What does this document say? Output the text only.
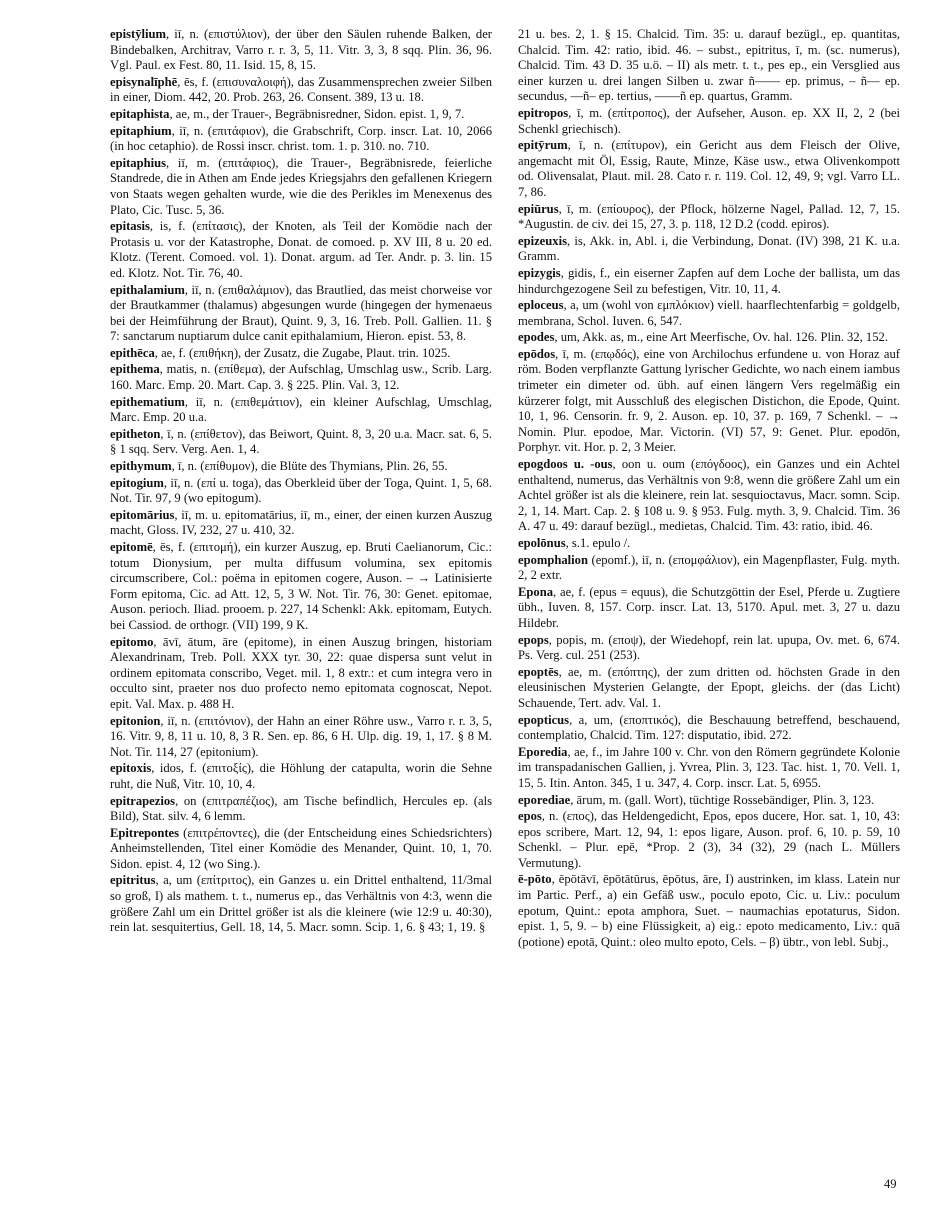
epistȳlium, iī, n. (επιστύλιον), der über den Säulen ruhende Balken, der Bindebalken, Architrav, Varro r. r. 3, 5, 11. Vitr. 3, 3, 8 sqq. Plin. 36, 96. Vgl. Paul. ex Fest. 80, 11. Isid. 15, 8, 15.

episynalīphē, ēs, f. (επισυναλοιφή), das Zusammensprechen zweier Silben in einer, Diom. 442, 20. Prob. 263, 26. Consent. 389, 13 u. 18.

epitaphista, ae, m., der Trauer-, Begräbnisredner, Sidon. epist. 1, 9, 7.

epitaphium, iī, n. (επιτάφιον), die Grabschrift, Corp. inscr. Lat. 10, 2066 (in hoc cetaphio). de Rossi inscr. christ. tom. 1. p. 310. no. 710.

epitaphius, iī, m. (επιτάφιος), die Trauer-, Begräbnisrede, feierliche Standrede, die in Athen am Ende jedes Kriegsjahrs den gefallenen Kriegern von Staats wegen gehalten wurde, wie die des Perikles im Menexenus des Plato, Cic. Tusc. 5, 36.

epitasis, is, f. (επίτασις), der Knoten, als Teil der Komödie nach der Protasis u. vor der Katastrophe, Donat. de comoed. p. XV III, 8 u. 20 ed. Klotz. (Terent. Comoed. vol. 1). Donat. argum. ad Ter. Andr. p. 3. lin. 15 ed. Klotz. Not. Tir. 76, 40.

epithalamium, iī, n. (επιθαλάμιον), das Brautlied, das meist chorweise vor der Brautkammer (thalamus) abgesungen wurde (hingegen der hymenaeus bei der Heimführung der Braut), Quint. 9, 3, 16. Treb. Poll. Gallien. 11. § 7: sanctarum nuptiarum dulce canit epithalamium, Hieron. epist. 53, 8.

epithēca, ae, f. (επιθήκη), der Zusatz, die Zugabe, Plaut. trin. 1025.

epithema, matis, n. (επίθεμα), der Aufschlag, Umschlag usw., Scrib. Larg. 160. Marc. Emp. 20. Mart. Cap. 3. § 225. Plin. Val. 3, 12.

epithematium, iī, n. (επιθεμάτιον), ein kleiner Aufschlag, Umschlag, Marc. Emp. 20 u.a.

epitheton, ī, n. (επίθετον), das Beiwort, Quint. 8, 3, 20 u.a. Macr. sat. 6, 5. § 1 sqq. Serv. Verg. Aen. 1, 4.

epithymum, ī, n. (επίθυμον), die Blüte des Thymians, Plin. 26, 55.

epitogium, iī, n. (επί u. toga), das Oberkleid über der Toga, Quint. 1, 5, 68. Not. Tir. 97, 9 (wo epitogum).

epitomārius, iī, m. u. epitomatārius, iī, m., einer, der einen kurzen Auszug macht, Gloss. IV, 232, 27 u. 410, 32.

epitomē, ēs, f. (επιτομή), ein kurzer Auszug, ep. Bruti Caelianorum, Cic.: totum Dionysium, per multa diffusum volumina, sex epitomis circumscribere, Col.: poëma in epitomen cogere, Auson. – → Latinisierte Form epitoma, Cic. ad Att. 12, 5, 3 W. Not. Tir. 76, 30: Genet. epitomae, Auson. perioch. Iliad. prooem. p. 227, 14 Schenkl: Akk. epitomam, Eutych. bei Cassiod. de orthogr. (VII) 199, 9 K.

epitomo, āvī, ātum, āre (epitome), in einen Auszug bringen, historiam Alexandrinam, Treb. Poll. XXX tyr. 30, 22: quae dispersa sunt velut in ordinem epitomata conscribo, Veget. mil. 1, 8 extr.: et cum integra vero in occulto sint, praeter nos duo profecto nemo epitomata cognoscat, Nepot. epit. Val. Max. p. 488 H.

epitonion, iī, n. (επιτόνιον), der Hahn an einer Röhre usw., Varro r. r. 3, 5, 16. Vitr. 9, 8, 11 u. 10, 8, 3 R. Sen. ep. 86, 6 H. Ulp. dig. 19, 1, 17. § 8 M. Not. Tir. 114, 27 (epitonium).

epitoxis, idos, f. (επιτοξίς), die Höhlung der catapulta, worin die Sehne ruht, die Nuß, Vitr. 10, 10, 4.

epitrapezios, on (επιτραπέζιος), am Tische befindlich, Hercules ep. (als Bild), Stat. silv. 4, 6 lemm.

Epitrepontes (επιτρέποντες), die (der Entscheidung eines Schiedsrichters) Anheimstellenden, Titel einer Komödie des Menander, Quint. 10, 1, 70. Sidon. epist. 4, 12 (wo Sing.).

epitritus, a, um (επίτριτος), ein Ganzes u. ein Drittel enthaltend, 11/3mal so groß, I) als mathem. t. t., numerus ep., das Verhältnis von 4:3, wenn die größere Zahl um ein Drittel größer ist als die kleinere (wie 12:9 u. 40:30), rein lat. sesquitertius, Gell. 18, 14, 5. Macr. somn. Scip. 1, 6. § 43; 1, 19. §

21 u. bes. 2, 1. § 15. Chalcid. Tim. 35: u. darauf bezügl., ep. quantitas, Chalcid. Tim. 42: ratio, ibid. 46. – subst., epitritus, ī, m. (sc. numerus), Chalcid. Tim. 43 D. 35 u.ö. – II) als metr. t. t., pes ep., ein Versglied aus einer kurzen u. drei langen Silben u. zwar ñ—— ep. primus, – ñ— ep. secundus, —ñ– ep. tertius, ——ñ ep. quartus, Gramm.

epitropos, ī, m. (επίτροπος), der Aufseher, Auson. ep. XX II, 2, 2 (bei Schenkl griechisch).

epitȳrum, ī, n. (επίτυρον), ein Gericht aus dem Fleisch der Olive, angemacht mit Öl, Essig, Raute, Minze, Käse usw., etwa Olivenkompott od. Olivensalat, Plaut. mil. 28. Cato r. r. 119. Col. 12, 49, 9; vgl. Varro LL. 7, 86.

epiūrus, ī, m. (επίουρος), der Pflock, hölzerne Nagel, Pallad. 12, 7, 15. *Augustin. de civ. dei 15, 27, 3. p. 118, 12 D.2 (codd. epiros).

epizeuxis, is, Akk. in, Abl. i, die Verbindung, Donat. (IV) 398, 21 K. u.a. Gramm.

epizygis, gidis, f., ein eiserner Zapfen auf dem Loche der ballista, um das hindurchgezogene Seil zu befestigen, Vitr. 10, 11, 4.

eploceus, a, um (wohl von εμπλόκιον) viell. haarflechtenfarbig = goldgelb, membrana, Schol. Iuven. 6, 547.

epodes, um, Akk. as, m., eine Art Meerfische, Ov. hal. 126. Plin. 32, 152.

epōdos, ī, m. (επῳδός), eine von Archilochus erfundene u. von Horaz auf röm. Boden verpflanzte Gattung lyrischer Gedichte, wo nach einem iambus trimeter ein dimeter od. übh. auf einen längern Vers regelmäßig ein kürzerer folgt, mit Ausschluß des elegischen Distichon, die Epode, Quint. 10, 1, 96. Censorin. fr. 9, 2. Auson. ep. 10, 37. p. 169, 7 Schenkl. – → Nomin. Plur. epodoe, Mar. Victorin. (VI) 57, 9: Genet. Plur. epodōn, Porphyr. vit. Hor. p. 2, 3 Meier.

epogdoos u. -ous, oon u. oum (επόγδοος), ein Ganzes und ein Achtel enthaltend, numerus, das Verhältnis von 9:8, wenn die größere Zahl um ein Achtel größer ist als die kleinere, rein lat. sesquioctavus, Macr. somn. Scip. 2, 1, 14. Mart. Cap. 2. § 108 u. 9. § 953. Fulg. myth. 3, 9. Chalcid. Tim. 36 A. 47 u. 49: darauf bezügl., medietas, Chalcid. Tim. 43: ratio, ibid. 46.

epolōnus, s.1. epulo /.

epomphalion (epomf.), iī, n. (επομφάλιον), ein Magenpflaster, Fulg. myth. 2, 2 extr.

Epona, ae, f. (epus = equus), die Schutzgöttin der Esel, Pferde u. Zugtiere übh., Iuven. 8, 157. Corp. inscr. Lat. 13, 5170. Apul. met. 3, 27 u. dazu Hildebr.

epops, popis, m. (εποψ), der Wiedehopf, rein lat. upupa, Ov. met. 6, 674. Ps. Verg. cul. 251 (253).

epoptēs, ae, m. (επόπτης), der zum dritten od. höchsten Grade in den eleusinischen Mysterien Gelangte, der Epopt, gleichs. der (das Licht) Schauende, Tert. adv. Val. 1.

epopticus, a, um, (εποπτικός), die Beschauung betreffend, beschauend, contemplatio, Chalcid. Tim. 127: disputatio, ibid. 272.

Eporedia, ae, f., im Jahre 100 v. Chr. von den Römern gegründete Kolonie im transpadanischen Gallien, j. Yvrea, Plin. 3, 123. Tac. hist. 1, 70. Vell. 1, 15, 5. Itin. Anton. 345, 1 u. 347, 4. Corp. inscr. Lat. 5, 6955.

eporediae, ārum, m. (gall. Wort), tüchtige Rossebändiger, Plin. 3, 123.

epos, n. (επος), das Heldengedicht, Epos, epos ducere, Hor. sat. 1, 10, 43: epos scribere, Mart. 12, 94, 1: epos ligare, Auson. prof. 6, 10. p. 59, 10 Schenkl. – Plur. epē, *Prop. 2 (3), 34 (32), 29 (nach L. Müllers Vermutung).

ē-pōto, ēpōtāvī, ēpōtātūrus, ēpōtus, āre, I) austrinken, im klass. Latein nur im Partic. Perf., a) ein Gefäß usw., poculo epoto, Cic. u. Liv.: poculum epotum, Quint.: epota amphora, Suet. – naumachias epotaturus, Sidon. epist. 1, 5, 9. – b) eine Flüssigkeit, a) eig.: epoto medicamento, Liv.: quā (potione) epotā, Quint.: oleo multo epoto, Cels. – β) übtr., von lebl. Subj.,

49
